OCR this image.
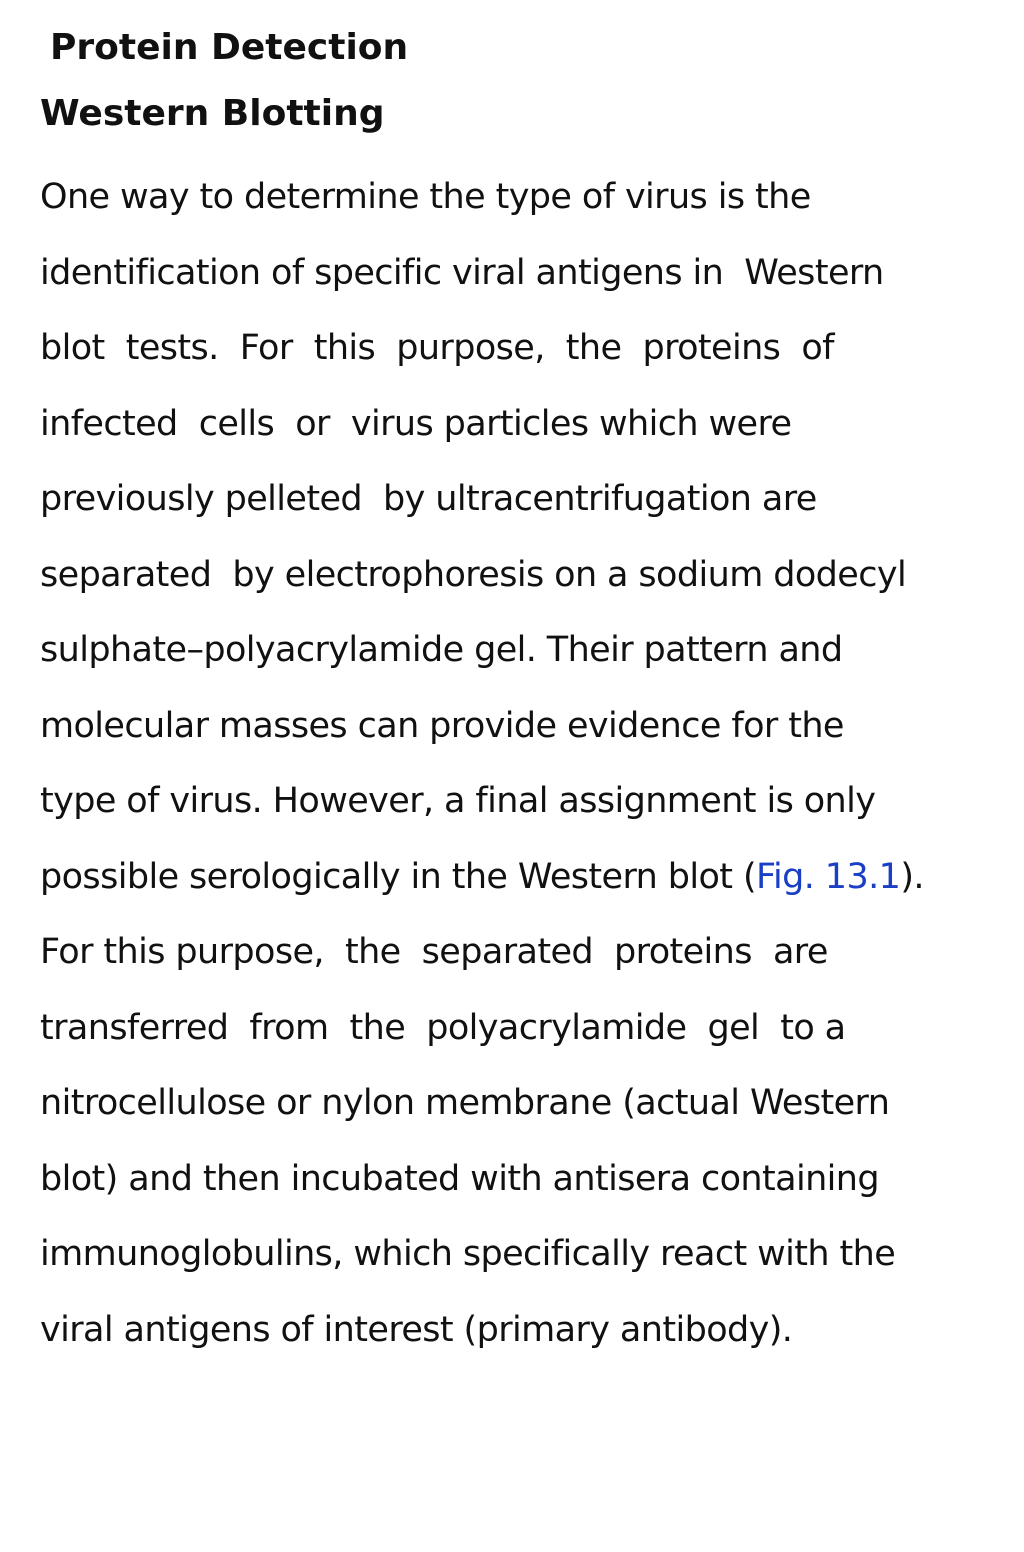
Protein Detection
Western Blotting
One way to determine the type of virus is the
identification of specific viral antigens in  Western
blot  tests.  For  this  purpose,  the  proteins  of
infected  cells  or  virus particles which were
previously pelleted  by ultracentrifugation are
separated  by electrophoresis on a sodium dodecyl
sulphate–polyacrylamide gel. Their pattern and
molecular masses can provide evidence for the
type of virus. However, a final assignment is only
possible serologically in the Western blot (Fig. 13.1).
For this purpose,  the  separated  proteins  are
transferred  from  the  polyacrylamide  gel  to a
nitrocellulose or nylon membrane (actual Western
blot) and then incubated with antisera containing
immunoglobulins, which specifically react with the
viral antigens of interest (primary antibody).
